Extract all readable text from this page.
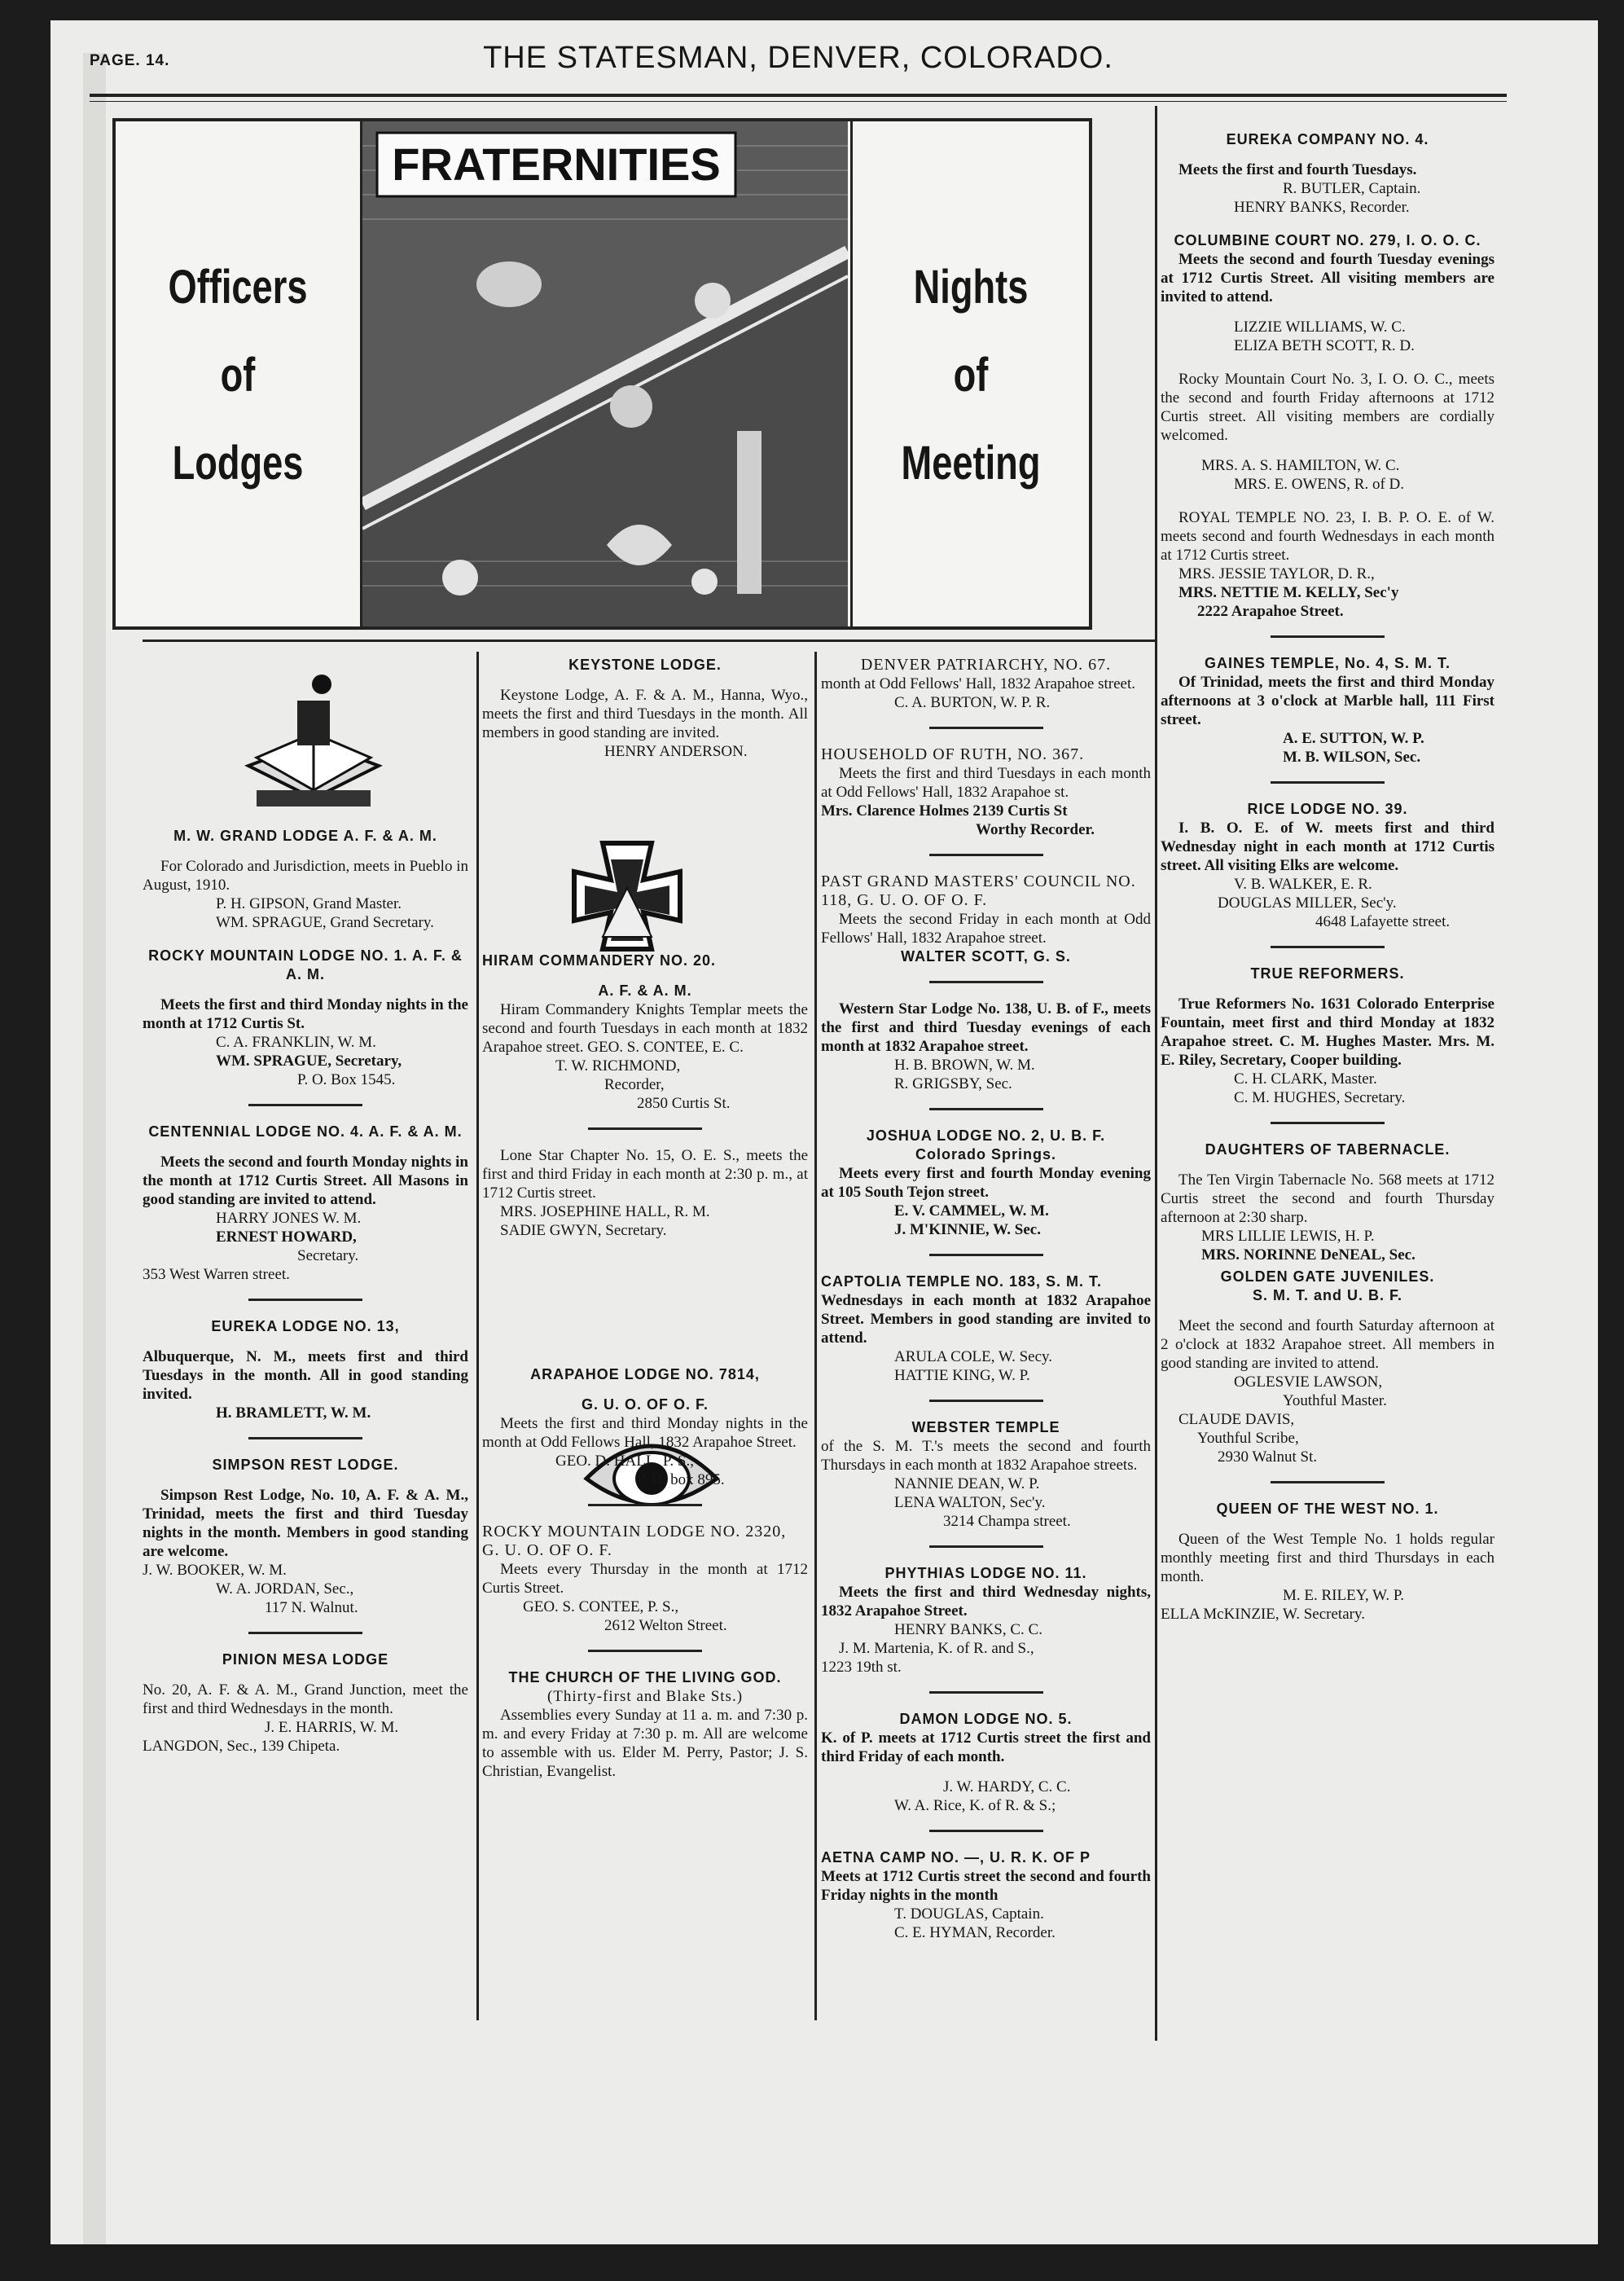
PAGE. 14.	THE STATESMAN, DENVER, COLORADO.
Officers
of
Lodges
FRATERNITIES
Nights
of
Meeting
M. W. GRAND LODGE A. F. & A. M.

For Colorado and Jurisdiction, meets in Pueblo in August, 1910.

P. H. GIPSON, Grand Master.

WM. SPRAGUE, Grand Secretary.

ROCKY MOUNTAIN LODGE NO. 1. A. F. & A. M.

Meets the first and third Monday nights in the month at 1712 Curtis St.

C. A. FRANKLIN, W. M.

WM. SPRAGUE, Secretary,

P. O. Box 1545.

CENTENNIAL LODGE NO. 4. A. F. & A. M.

Meets the second and fourth Monday nights in the month at 1712 Curtis Street. All Masons in good standing are invited to attend.

HARRY JONES W. M.

ERNEST HOWARD,

Secretary.

353 West Warren street.

EUREKA LODGE NO. 13,

Albuquerque, N. M., meets first and third Tuesdays in the month. All in good standing invited.

H. BRAMLETT, W. M.

SIMPSON REST LODGE.

Simpson Rest Lodge, No. 10, A. F. & A. M., Trinidad, meets the first and third Tuesday nights in the month. Members in good standing are welcome.

J. W. BOOKER, W. M.

W. A. JORDAN, Sec.,

117 N. Walnut.

PINION MESA LODGE

No. 20, A. F. & A. M., Grand Junction, meet the first and third Wednesdays in the month.

J. E. HARRIS, W. M.

LANGDON, Sec., 139 Chipeta.

KEYSTONE LODGE.

Keystone Lodge, A. F. & A. M., Hanna, Wyo., meets the first and third Tuesdays in the month. All members in good standing are invited.

HENRY ANDERSON.

HIRAM COMMANDERY NO. 20.
A. F. & A. M.

Hiram Commandery Knights Templar meets the second and fourth Tuesdays in each month at 1832 Arapahoe street. GEO. S. CONTEE, E. C.

T. W. RICHMOND,

Recorder,

2850 Curtis St.

Lone Star Chapter No. 15, O. E. S., meets the first and third Friday in each month at 2:30 p. m., at 1712 Curtis street.

MRS. JOSEPHINE HALL, R. M.

SADIE GWYN, Secretary.

ARAPAHOE LODGE NO. 7814,
G. U. O. OF O. F.

Meets the first and third Monday nights in the month at Odd Fellows Hall, 1832 Arapahoe Street.

GEO. D. HALL, P. S.,

P. O. box 895.

ROCKY MOUNTAIN LODGE NO. 2320, G. U. O. OF O. F.

Meets every Thursday in the month at 1712 Curtis Street.

GEO. S. CONTEE, P. S.,

2612 Welton Street.

THE CHURCH OF THE LIVING GOD.
(Thirty-first and Blake Sts.)

Assemblies every Sunday at 11 a. m. and 7:30 p. m. and every Friday at 7:30 p. m. All are welcome to assemble with us. Elder M. Perry, Pastor; J. S. Christian, Evangelist.

DENVER PATRIARCHY, NO. 67.

month at Odd Fellows' Hall, 1832 Arapahoe street.

C. A. BURTON, W. P. R.

HOUSEHOLD OF RUTH, NO. 367.

Meets the first and third Tuesdays in each month at Odd Fellows' Hall, 1832 Arapahoe st.

Mrs. Clarence Holmes 2139 Curtis St

Worthy Recorder.

PAST GRAND MASTERS' COUNCIL NO. 118, G. U. O. OF O. F.

Meets the second Friday in each month at Odd Fellows' Hall, 1832 Arapahoe street.

WALTER SCOTT, G. S.

Western Star Lodge No. 138, U. B. of F., meets the first and third Tuesday evenings of each month at 1832 Arapahoe street.

H. B. BROWN, W. M.

R. GRIGSBY, Sec.

JOSHUA LODGE NO. 2, U. B. F.
Colorado Springs.

Meets every first and fourth Monday evening at 105 South Tejon street.

E. V. CAMMEL, W. M.

J. M'KINNIE, W. Sec.

CAPTOLIA TEMPLE NO. 183, S. M. T.

Wednesdays in each month at 1832 Arapahoe Street. Members in good standing are invited to attend.

ARULA COLE, W. Secy.

HATTIE KING, W. P.

WEBSTER TEMPLE

of the S. M. T.'s meets the second and fourth Thursdays in each month at 1832 Arapahoe streets.

NANNIE DEAN, W. P.

LENA WALTON, Sec'y.

3214 Champa street.

PHYTHIAS LODGE NO. 11.

Meets the first and third Wednesday nights, 1832 Arapahoe Street.

HENRY BANKS, C. C.

J. M. Martenia, K. of R. and S.,

1223 19th st.

DAMON LODGE NO. 5.

K. of P. meets at 1712 Curtis street the first and third Friday of each month.

J. W. HARDY, C. C.

W. A. Rice, K. of R. & S.;

AETNA CAMP NO. —, U. R. K. OF P

Meets at 1712 Curtis street the second and fourth Friday nights in the month

T. DOUGLAS, Captain.

C. E. HYMAN, Recorder.

EUREKA COMPANY NO. 4.

Meets the first and fourth Tuesdays.

R. BUTLER, Captain.

HENRY BANKS, Recorder.

COLUMBINE COURT NO. 279, I. O. O. C.

Meets the second and fourth Tuesday evenings at 1712 Curtis Street. All visiting members are invited to attend.

LIZZIE WILLIAMS, W. C.

ELIZA BETH SCOTT, R. D.

Rocky Mountain Court No. 3, I. O. O. C., meets the second and fourth Friday afternoons at 1712 Curtis street. All visiting members are cordially welcomed.

MRS. A. S. HAMILTON, W. C.

MRS. E. OWENS, R. of D.

ROYAL TEMPLE NO. 23, I. B. P. O. E. of W. meets second and fourth Wednesdays in each month at 1712 Curtis street.

MRS. JESSIE TAYLOR, D. R.,

MRS. NETTIE M. KELLY, Sec'y

2222 Arapahoe Street.

GAINES TEMPLE, No. 4, S. M. T.

Of Trinidad, meets the first and third Monday afternoons at 3 o'clock at Marble hall, 111 First street.

A. E. SUTTON, W. P.

M. B. WILSON, Sec.

RICE LODGE NO. 39.

I. B. O. E. of W. meets first and third Wednesday night in each month at 1712 Curtis street. All visiting Elks are welcome.

V. B. WALKER, E. R.

DOUGLAS MILLER, Sec'y.

4648 Lafayette street.

TRUE REFORMERS.

True Reformers No. 1631 Colorado Enterprise Fountain, meet first and third Monday at 1832 Arapahoe street. C. M. Hughes Master. Mrs. M. E. Riley, Secretary, Cooper building.

C. H. CLARK, Master.

C. M. HUGHES, Secretary.

DAUGHTERS OF TABERNACLE.

The Ten Virgin Tabernacle No. 568 meets at 1712 Curtis street the second and fourth Thursday afternoon at 2:30 sharp.

MRS LILLIE LEWIS, H. P.

MRS. NORINNE DeNEAL, Sec.

GOLDEN GATE JUVENILES.
S. M. T. and U. B. F.

Meet the second and fourth Saturday afternoon at 2 o'clock at 1832 Arapahoe street. All members in good standing are invited to attend.

OGLESVIE LAWSON,

Youthful Master.

CLAUDE DAVIS,

Youthful Scribe,

2930 Walnut St.

QUEEN OF THE WEST NO. 1.

Queen of the West Temple No. 1 holds regular monthly meeting first and third Thursdays in each month.

M. E. RILEY, W. P.

ELLA McKINZIE, W. Secretary.
